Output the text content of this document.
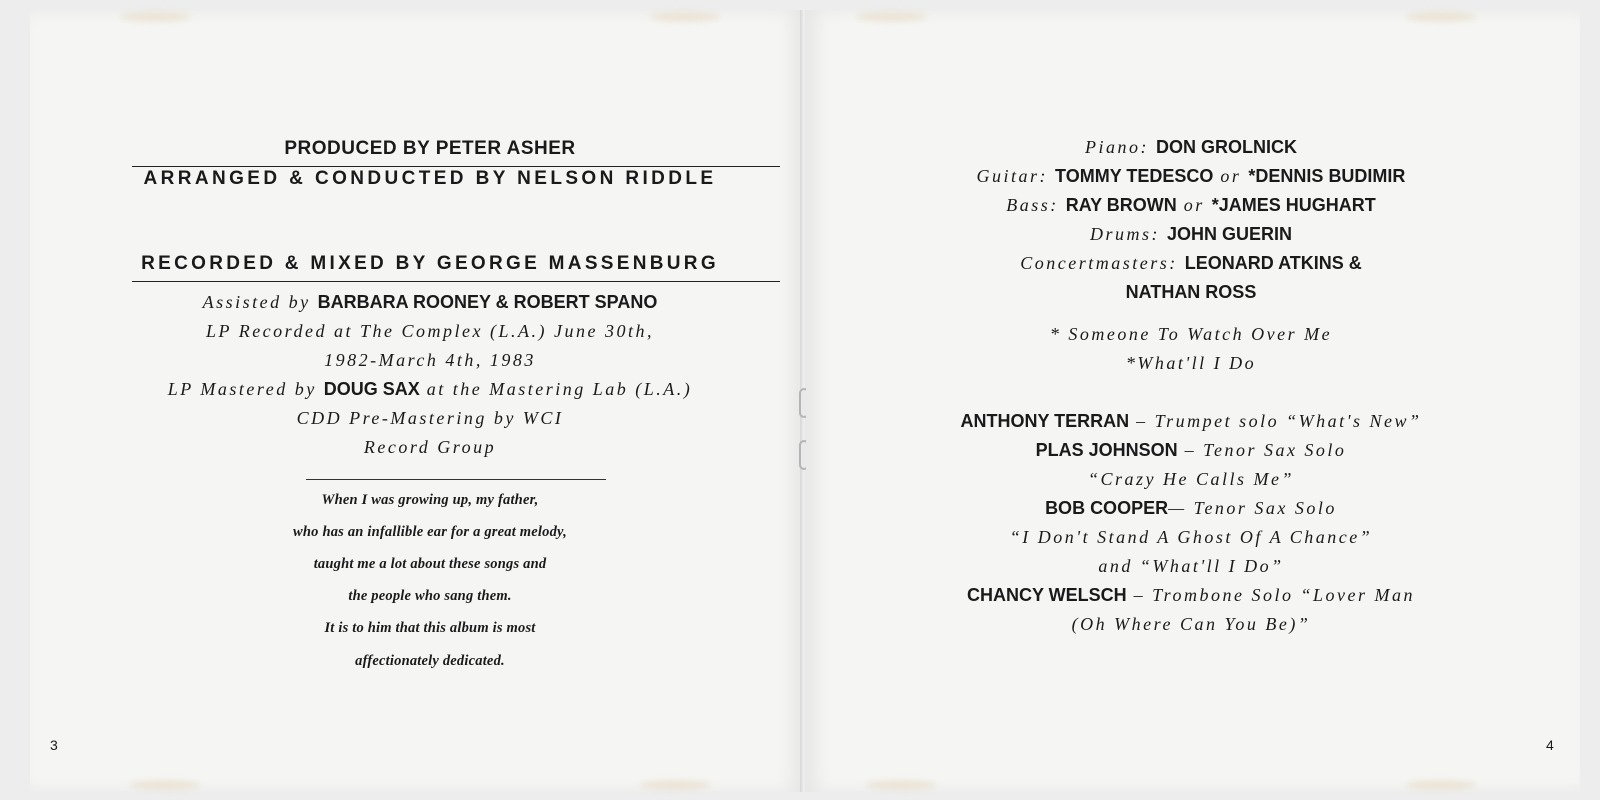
PRODUCED BY PETER ASHER
ARRANGED & CONDUCTED BY NELSON RIDDLE
RECORDED & MIXED BY GEORGE MASSENBURG
Assisted by BARBARA ROONEY & ROBERT SPANO
LP Recorded at The Complex (L.A.) June 30th,
1982-March 4th, 1983
LP Mastered by DOUG SAX at the Mastering Lab (L.A.)
CDD Pre-Mastering by WCI
Record Group
When I was growing up, my father,
who has an infallible ear for a great melody,
taught me a lot about these songs and
the people who sang them.
It is to him that this album is most
affectionately dedicated.
3
Piano: DON GROLNICK
Guitar: TOMMY TEDESCO or *DENNIS BUDIMIR
Bass: RAY BROWN or *JAMES HUGHART
Drums: JOHN GUERIN
Concertmasters: LEONARD ATKINS &
NATHAN ROSS
* Someone To Watch Over Me
*What'll I Do
ANTHONY TERRAN – Trumpet solo “What's New”
PLAS JOHNSON – Tenor Sax Solo
“Crazy He Calls Me”
BOB COOPER— Tenor Sax Solo
“I Don't Stand A Ghost Of A Chance”
and “What'll I Do”
CHANCY WELSCH – Trombone Solo “Lover Man
(Oh Where Can You Be)”
4
